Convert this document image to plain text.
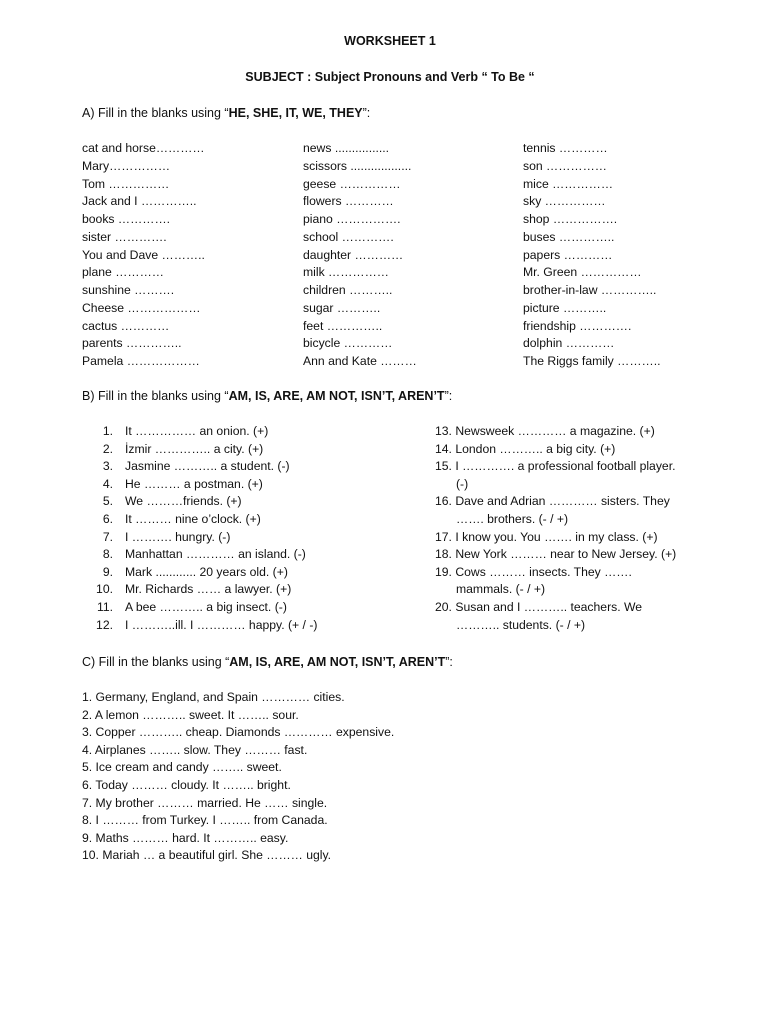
WORKSHEET 1
SUBJECT : Subject Pronouns and Verb “ To Be “
A) Fill in the blanks using “HE, SHE, IT, WE, THEY”:
cat and horse…………
Mary……………
Tom ……………
Jack and I …………..
books ………….
sister ………….
You and Dave ………..
plane …………
sunshine ……….
Cheese ………………
cactus …………
parents …………..
Pamela ………………
news ................
scissors ..................
geese ……………
flowers …………
piano …………….
school ………….
daughter …………
milk ……………
children ………..
sugar ………..
feet …………..
bicycle …………
Ann and Kate ………
tennis …………
son ……………
mice ……………
sky ……………
shop …………….
buses …………..
papers …………
Mr. Green ……………
brother-in-law …………..
picture ………..
friendship ………….
dolphin …………
The Riggs family ………..
B) Fill in the blanks using “AM, IS, ARE, AM NOT, ISN’T, AREN’T”:
1. It …………… an onion. (+)
2. İzmir ………….. a city. (+)
3. Jasmine ……….. a student. (-)
4. He ……… a postman. (+)
5. We ………friends. (+)
6. It ……… nine o’clock. (+)
7. I ………. hungry. (-)
8. Manhattan ………… an island. (-)
9. Mark ............ 20 years old. (+)
10. Mr. Richards …… a lawyer. (+)
11. A bee ……….. a big insect. (-)
12. I ………..ill. I ………… happy. (+ / -)
13. Newsweek ………… a magazine. (+)
14. London ……….. a big city. (+)
15. I …………. a professional football player.
(-)
16. Dave and Adrian ………… sisters. They
……. brothers. (- / +)
17. I know you. You ……. in my class. (+)
18. New York ……… near to New Jersey. (+)
19. Cows ……… insects. They …….
mammals. (- / +)
20. Susan and I ……….. teachers. We
……….. students. (- / +)
C) Fill in the blanks using “AM, IS, ARE, AM NOT, ISN’T, AREN’T”:
1. Germany, England, and Spain ………… cities.
2. A lemon ……….. sweet. It …….. sour.
3. Copper ……….. cheap. Diamonds ………… expensive.
4. Airplanes …….. slow. They ……… fast.
5. Ice cream and candy …….. sweet.
6. Today ……… cloudy. It …….. bright.
7. My brother ……… married. He …… single.
8. I ……… from Turkey. I …….. from Canada.
9. Maths ……… hard. It ……….. easy.
10. Mariah … a beautiful girl. She ……… ugly.
